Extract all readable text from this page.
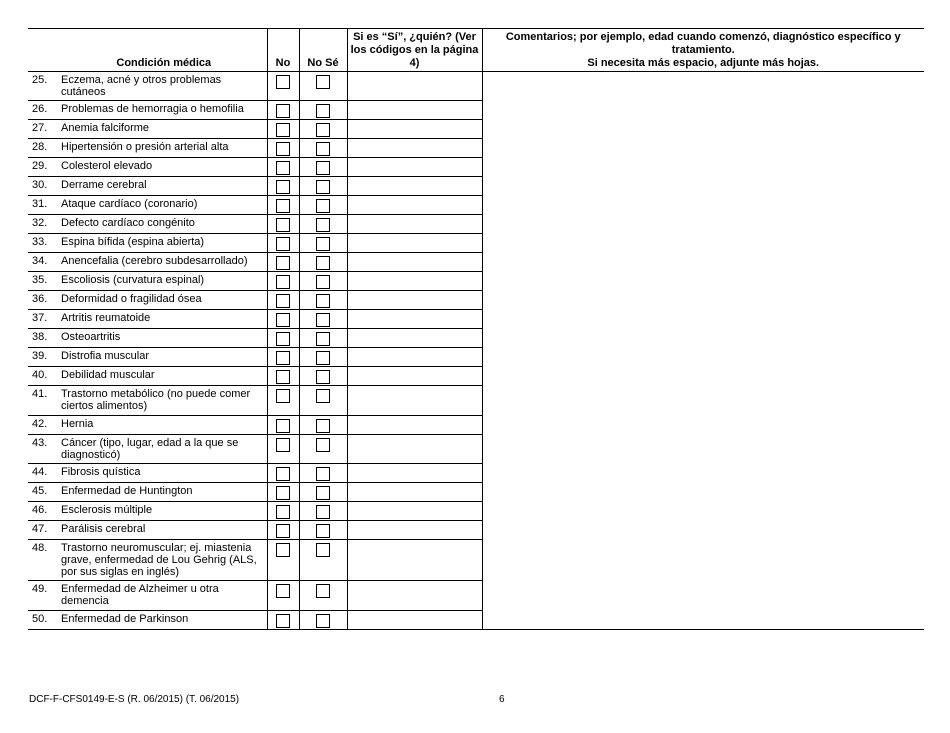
Condición médica	No	No Sé	Si es “Sí”, ¿quién? (Ver los códigos en la página 4)	Comentarios; por ejemplo, edad cuando comenzó, diagnóstico específico y tratamiento.
Si necesita más espacio, adjunte más hojas.

25. Eczema, acné y otros problemas cutáneos				

26. Problemas de hemorragia o hemofilia				

27. Anemia falciforme				

28. Hipertensión o presión arterial alta				

29. Colesterol elevado				

30. Derrame cerebral				

31. Ataque cardíaco (coronario)				

32. Defecto cardíaco congénito				

33. Espina bífida (espina abierta)				

34. Anencefalia (cerebro subdesarrollado)				

35. Escoliosis (curvatura espinal)				

36. Deformidad o fragilidad ósea				

37. Artritis reumatoide				

38. Osteoartritis				

39. Distrofia muscular				

40. Debilidad muscular				

41. Trastorno metabólico (no puede comer ciertos alimentos)				

42. Hernia				

43. Cáncer (tipo, lugar, edad a la que se diagnosticó)				

44. Fibrosis quística				

45. Enfermedad de Huntington				

46. Esclerosis múltiple				

47. Parálisis cerebral				

48. Trastorno neuromuscular; ej. miastenia grave, enfermedad de Lou Gehrig (ALS, por sus siglas en inglés)				

49. Enfermedad de Alzheimer u otra demencia				

50. Enfermedad de Parkinson				

DCF-F-CFS0149-E-S (R. 06/2015) (T. 06/2015)	6
